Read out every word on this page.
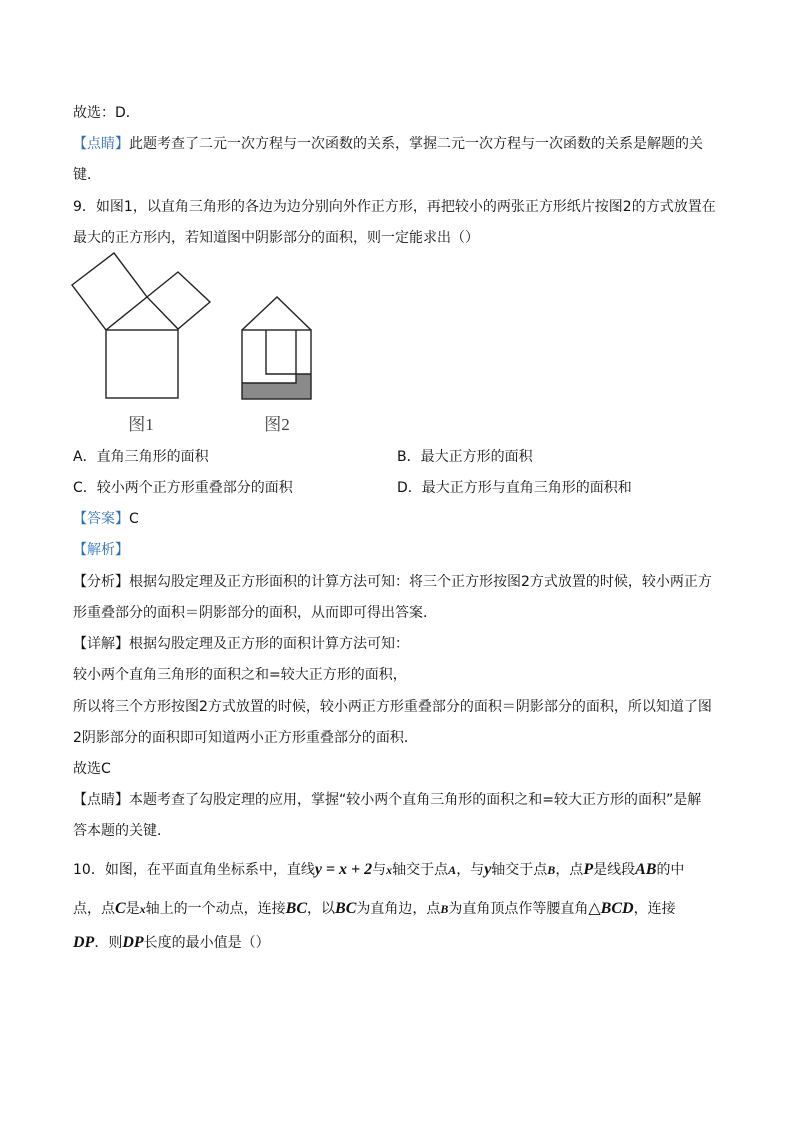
故选：D．
【点睛】此题考查了二元一次方程与一次函数的关系，掌握二元一次方程与一次函数的关系是解题的关
键．
9．如图1，以直角三角形的各边为边分别向外作正方形，再把较小的两张正方形纸片按图2的方式放置在
最大的正方形内，若知道图中阴影部分的面积，则一定能求出（）
图1	图2
A．直角三角形的面积	B．最大正方形的面积
C．较小两个正方形重叠部分的面积	D．最大正方形与直角三角形的面积和
【答案】C
【解析】
【分析】根据勾股定理及正方形面积的计算方法可知：将三个正方形按图2方式放置的时候，较小两正方
形重叠部分的面积＝阴影部分的面积，从而即可得出答案．
【详解】根据勾股定理及正方形的面积计算方法可知：
较小两个直角三角形的面积之和=较大正方形的面积，
所以将三个方形按图2方式放置的时候，较小两正方形重叠部分的面积＝阴影部分的面积，所以知道了图
2阴影部分的面积即可知道两小正方形重叠部分的面积．
故选C
【点睛】本题考查了勾股定理的应用，掌握“较小两个直角三角形的面积之和=较大正方形的面积”是解
答本题的关键．
10．如图，在平面直角坐标系中，直线y = x + 2与x轴交于点A，与y轴交于点B，点P是线段AB的中
点，点C是x轴上的一个动点，连接BC，以BC为直角边，点B为直角顶点作等腰直角△BCD，连接
DP．则DP长度的最小值是（）
